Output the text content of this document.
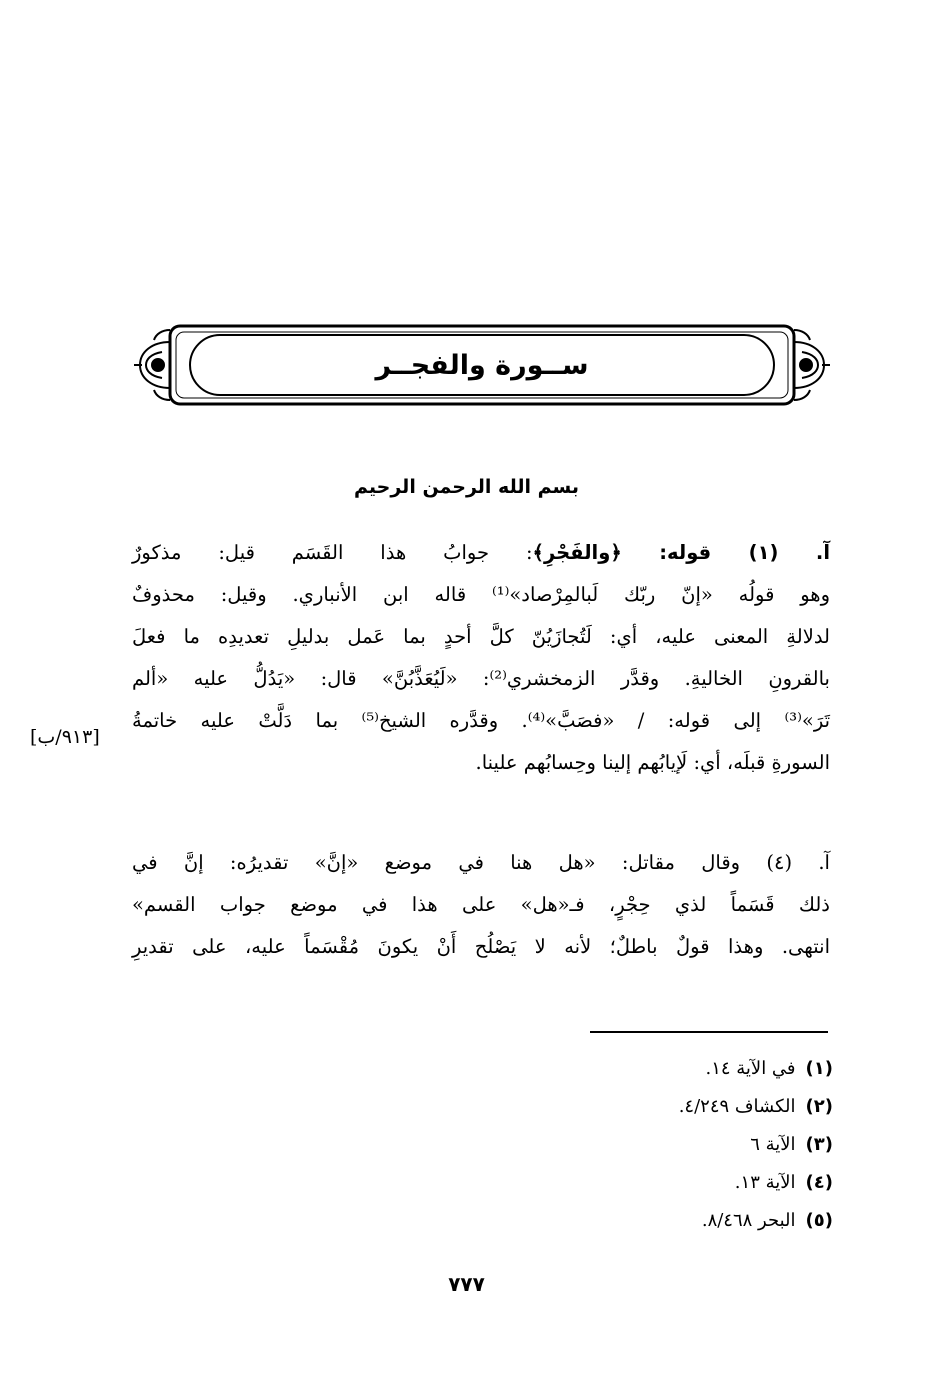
ســورة والفجــر
بسم الله الرحمن الرحيم
آ. (١) قوله: ﴿والفَجْرِ﴾: جوابُ هذا القَسَم قيل: مذكورٌ
وهو قولُه «إنّ ربّك لَبالمِرْصاد»⁽¹⁾ قاله ابن الأنباري. وقيل: محذوفٌ
لدلالةِ المعنى عليه، أي: لَتُجازَيُنّ كلَّ أحدٍ بما عَمل بدليلِ تعديدِه ما فعلَ
بالقرونِ الخاليةِ. وقدَّر الزمخشري⁽²⁾: «لَيُعَذَّبُنَّ» قال: «يَدُلُّ عليه «ألم
تَرَ»⁽³⁾ إلى قوله: / «فصَبَّ»⁽⁴⁾. وقدَّره الشيخ⁽⁵⁾ بما دَلَّتْ عليه خاتمةُ
السورةِ قبلَه، أي: لَإيابُهم إلينا وحِسابُهم علينا.
[٩١٣/ب]
آ. (٤) وقال مقاتل: «هل هنا في موضع «إنَّ» تقديرُه: إنَّ في
ذلك قَسَماً لذي حِجْرٍ، فـ«هل» على هذا في موضع جواب القسم»
انتهى. وهذا قولٌ باطلٌ؛ لأنه لا يَصْلُح أَنْ يكونَ مُقْسَماً عليه، على تقديرِ
(١)في الآية ١٤.
(٢)الكشاف ٤/٢٤٩.
(٣)الآية ٦
(٤)الآية ١٣.
(٥)البحر ٨/٤٦٨.
٧٧٧
